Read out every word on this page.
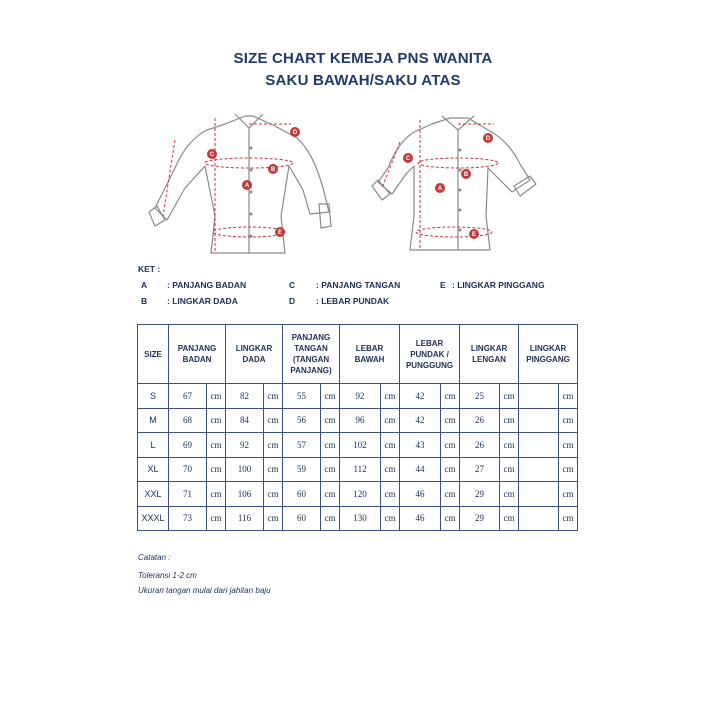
SIZE CHART KEMEJA PNS WANITA
SAKU BAWAH/SAKU ATAS
A
B
C
D
E
A
B
C
D
E
KET :
A : PANJANG BADAN
B : LINGKAR DADA
C : PANJANG TANGAN
D : LEBAR PUNDAK
E : LINGKAR PINGGANG
SIZE	PANJANG BADAN		LINGKAR DADA		PANJANG TANGAN (TANGAN PANJANG)		LEBAR BAWAH		LEBAR PUNDAK / PUNGGUNG		LINGKAR LENGAN		LINGKAR PINGGANG	
S	67	cm	82	cm	55	cm	92	cm	42	cm	25	cm		cm
M	68	cm	84	cm	56	cm	96	cm	42	cm	26	cm		cm
L	69	cm	92	cm	57	cm	102	cm	43	cm	26	cm		cm
XL	70	cm	100	cm	59	cm	112	cm	44	cm	27	cm		cm
XXL	71	cm	106	cm	60	cm	120	cm	46	cm	29	cm		cm
XXXL	73	cm	116	cm	60	cm	130	cm	46	cm	29	cm		cm
Catatan :
Toleransi 1-2 cm
Ukuran tangan mulai dari jahitan baju
